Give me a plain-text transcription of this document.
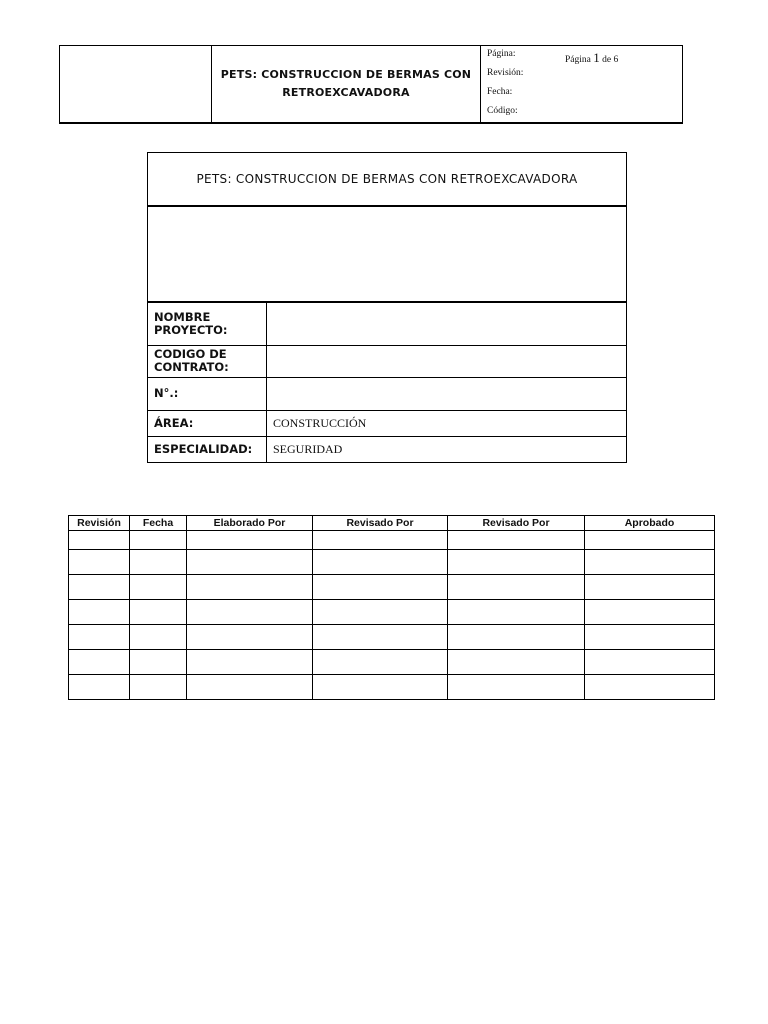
	PETS: CONSTRUCCION DE BERMAS CON RETROEXCAVADORA	
Página:
Revisión:
Fecha:
Código:
Página 1 de 6
PETS: CONSTRUCCION DE BERMAS CON RETROEXCAVADORA
NOMBRE PROYECTO:	
CODIGO DE CONTRATO:	
N°.:	
ÁREA:	CONSTRUCCIÓN
ESPECIALIDAD:	SEGURIDAD
Revisión	Fecha	Elaborado Por	Revisado Por	Revisado Por	Aprobado
